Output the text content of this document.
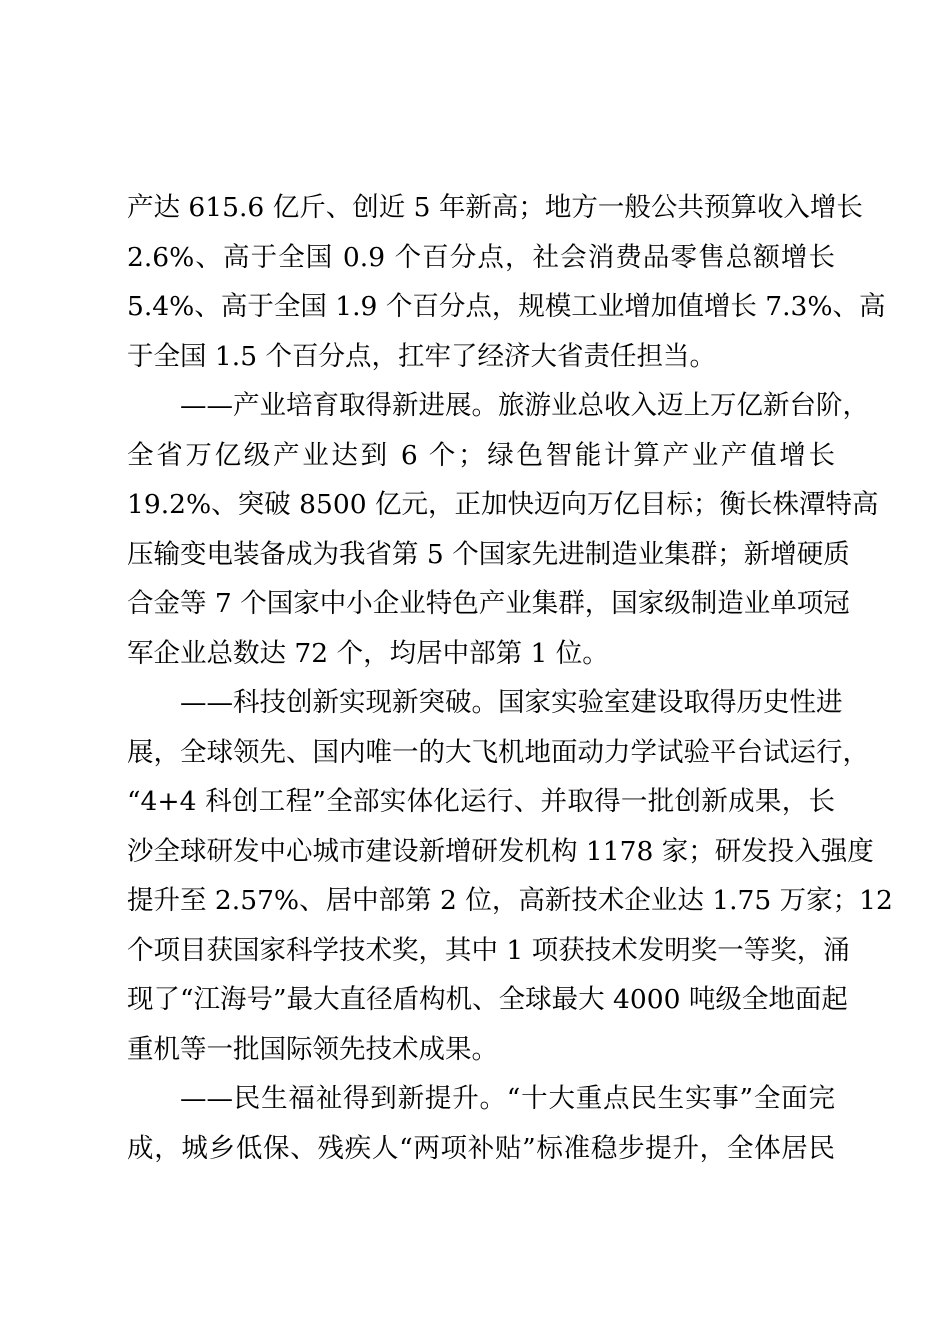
产达 615.6 亿斤、创近 5 年新高；地方一般公共预算收入增长
2.6%、高于全国 0.9 个百分点，社会消费品零售总额增长
5.4%、高于全国 1.9 个百分点，规模工业增加值增长 7.3%、高
于全国 1.5 个百分点，扛牢了经济大省责任担当。
——产业培育取得新进展。旅游业总收入迈上万亿新台阶，
全省万亿级产业达到 6 个；绿色智能计算产业产值增长
19.2%、突破 8500 亿元，正加快迈向万亿目标；衡长株潭特高
压输变电装备成为我省第 5 个国家先进制造业集群；新增硬质
合金等 7 个国家中小企业特色产业集群，国家级制造业单项冠
军企业总数达 72 个，均居中部第 1 位。
——科技创新实现新突破。国家实验室建设取得历史性进
展，全球领先、国内唯一的大飞机地面动力学试验平台试运行，
“4+4 科创工程”全部实体化运行、并取得一批创新成果，长
沙全球研发中心城市建设新增研发机构 1178 家；研发投入强度
提升至 2.57%、居中部第 2 位，高新技术企业达 1.75 万家；12
个项目获国家科学技术奖，其中 1 项获技术发明奖一等奖，涌
现了“江海号”最大直径盾构机、全球最大 4000 吨级全地面起
重机等一批国际领先技术成果。
——民生福祉得到新提升。“十大重点民生实事”全面完
成，城乡低保、残疾人“两项补贴”标准稳步提升，全体居民
